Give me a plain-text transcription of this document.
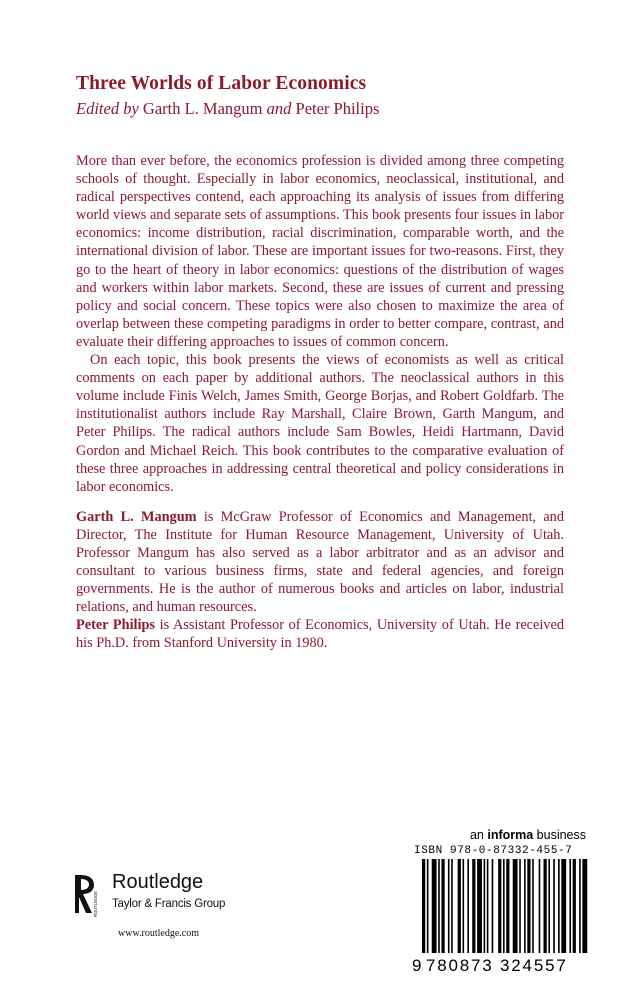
Three Worlds of Labor Economics
Edited by Garth L. Mangum and Peter Philips

More than ever before, the economics profession is divided among three competing schools of thought. Especially in labor economics, neoclassical, institutional, and radical perspectives contend, each approaching its analysis of issues from differing world views and separate sets of assumptions. This book presents four issues in labor economics: income distribution, racial discrimination, comparable worth, and the international division of labor. These are important issues for two-reasons. First, they go to the heart of theory in labor economics: questions of the distribution of wages and workers within labor markets. Second, these are issues of current and pressing policy and social concern. These topics were also chosen to maximize the area of overlap between these competing paradigms in order to better compare, contrast, and evaluate their differing approaches to issues of common concern.

On each topic, this book presents the views of economists as well as critical comments on each paper by additional authors. The neoclassical authors in this volume include Finis Welch, James Smith, George Borjas, and Robert Goldfarb. The institutionalist authors include Ray Marshall, Claire Brown, Garth Mangum, and Peter Philips. The radical authors include Sam Bowles, Heidi Hartmann, David Gordon and Michael Reich. This book contributes to the comparative evaluation of these three approaches in addressing central theoretical and policy considerations in labor economics.

Garth L. Mangum is McGraw Professor of Economics and Management, and Director, The Institute for Human Resource Management, University of Utah. Professor Mangum has also served as a labor arbitrator and as an advisor and consultant to various business firms, state and federal agencies, and foreign governments. He is the author of numerous books and articles on labor, industrial relations, and human resources.

Peter Philips is Assistant Professor of Economics, University of Utah. He received his Ph.D. from Stanford University in 1980.

ROUTLEDGE
Routledge
Taylor & Francis Group
www.routledge.com
an informa business
ISBN 978-0-87332-455-7
9 780873 324557
